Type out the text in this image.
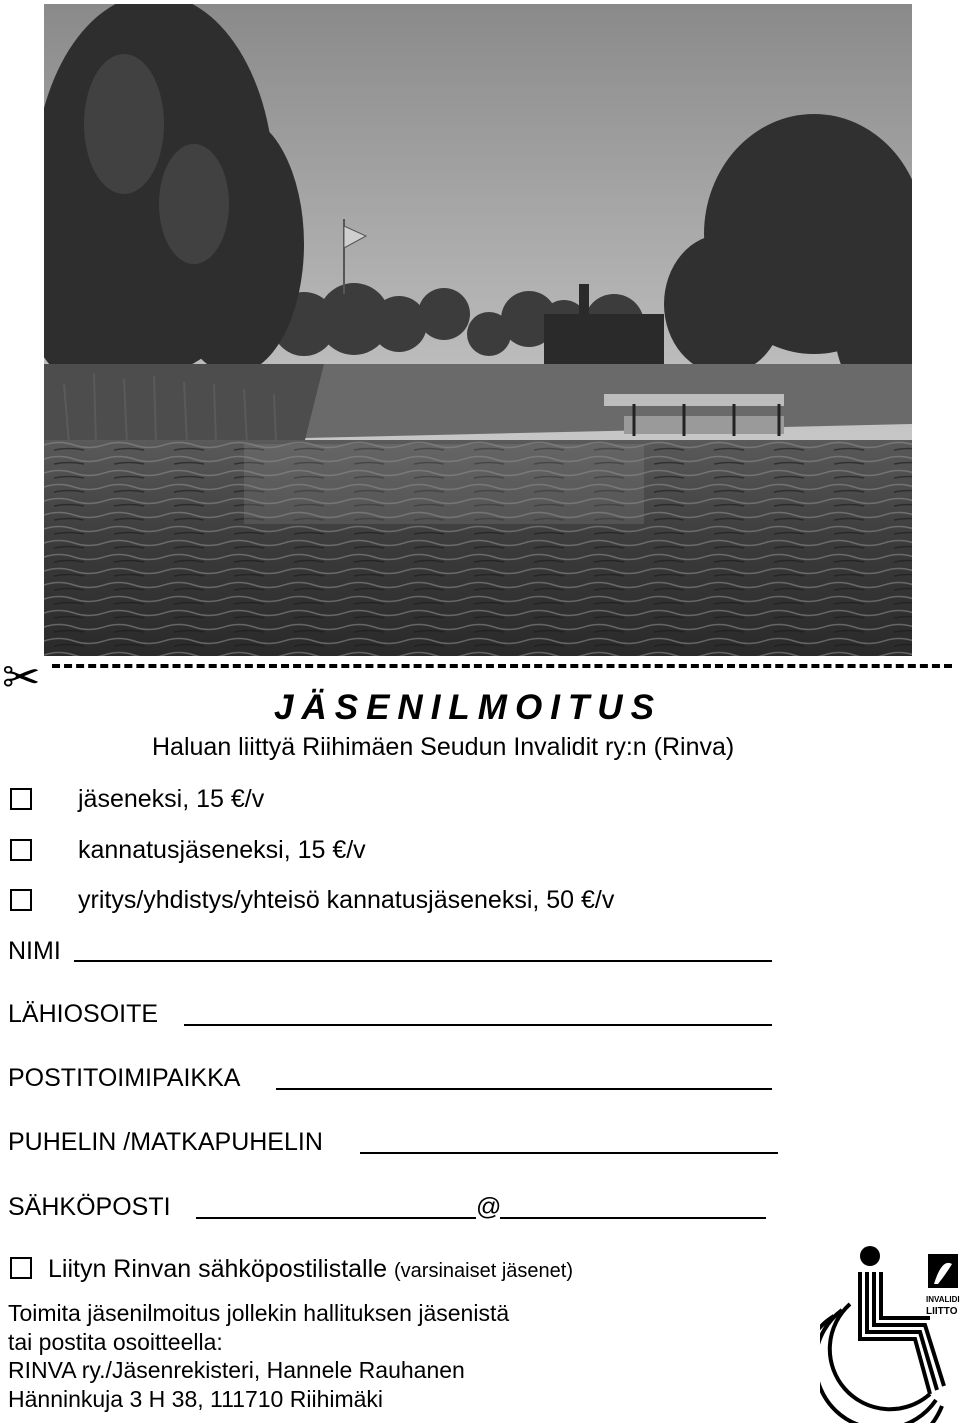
✂
JÄSENILMOITUS
Haluan liittyä Riihimäen Seudun Invalidit ry:n (Rinva)
jäseneksi, 15 €/v
kannatusjäseneksi, 15 €/v
yritys/yhdistys/yhteisö kannatusjäseneksi, 50 €/v
NIMI
LÄHIOSOITE
POSTITOIMIPAIKKA
PUHELIN /MATKAPUHELIN
SÄHKÖPOSTI	@
Liityn Rinvan sähköpostilistalle (varsinaiset jäsenet)
Toimita jäsenilmoitus jollekin hallituksen jäsenistä
tai postita osoitteella:
RINVA ry./Jäsenrekisteri, Hannele Rauhanen
Hänninkuja 3 H 38, 111710 Riihimäki
INVALIDI
LIITTO
